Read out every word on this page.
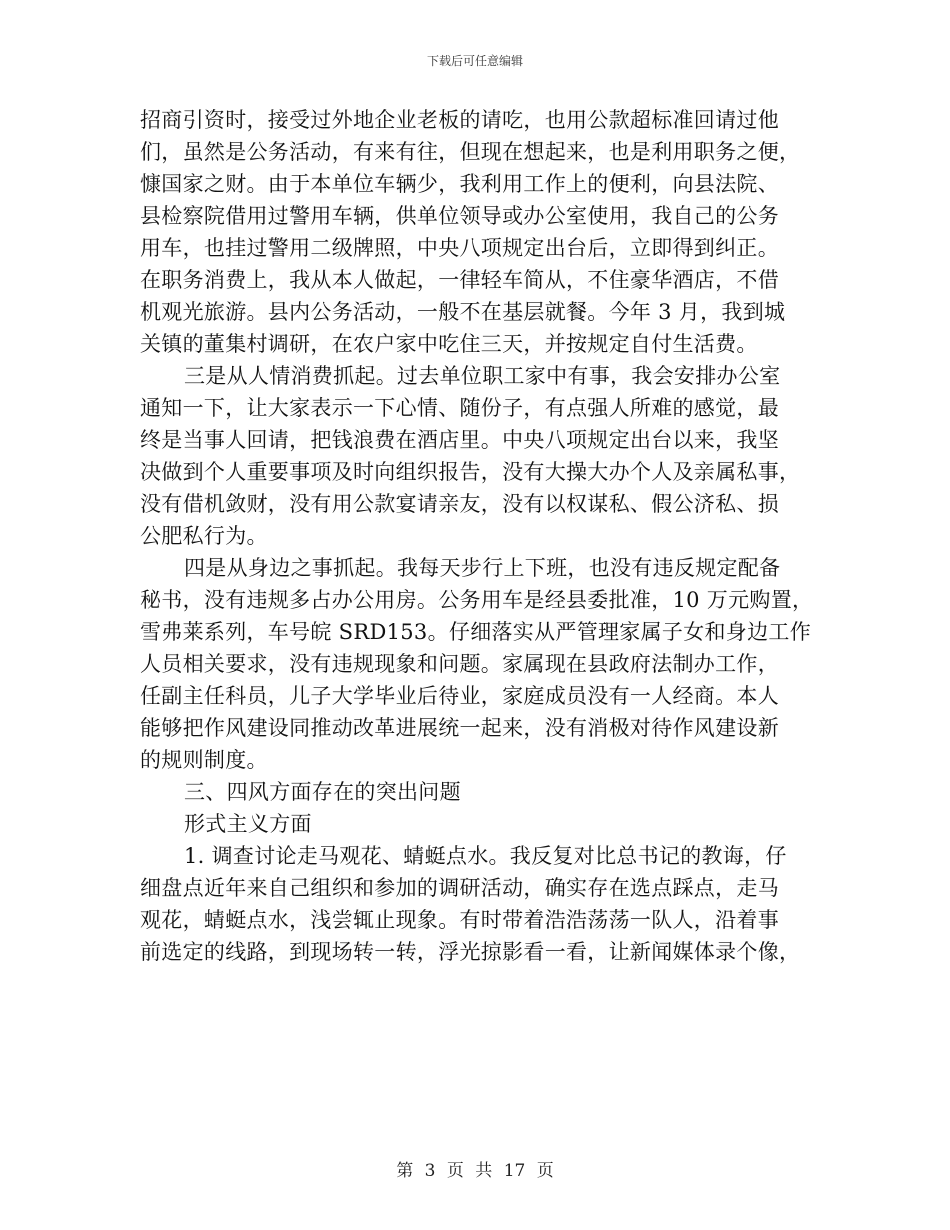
下载后可任意编辑
招商引资时，接受过外地企业老板的请吃，也用公款超标准回请过他
们，虽然是公务活动，有来有往，但现在想起来，也是利用职务之便，
慷国家之财。由于本单位车辆少，我利用工作上的便利，向县法院、
县检察院借用过警用车辆，供单位领导或办公室使用，我自己的公务
用车，也挂过警用二级牌照，中央八项规定出台后，立即得到纠正。
在职务消费上，我从本人做起，一律轻车简从，不住豪华酒店，不借
机观光旅游。县内公务活动，一般不在基层就餐。今年 3 月，我到城
关镇的董集村调研，在农户家中吃住三天，并按规定自付生活费。
三是从人情消费抓起。过去单位职工家中有事，我会安排办公室
通知一下，让大家表示一下心情、随份子，有点强人所难的感觉，最
终是当事人回请，把钱浪费在酒店里。中央八项规定出台以来，我坚
决做到个人重要事项及时向组织报告，没有大操大办个人及亲属私事，
没有借机敛财，没有用公款宴请亲友，没有以权谋私、假公济私、损
公肥私行为。
四是从身边之事抓起。我每天步行上下班，也没有违反规定配备
秘书，没有违规多占办公用房。公务用车是经县委批准，10 万元购置，
雪弗莱系列，车号皖 SRD153。仔细落实从严管理家属子女和身边工作
人员相关要求，没有违规现象和问题。家属现在县政府法制办工作，
任副主任科员，儿子大学毕业后待业，家庭成员没有一人经商。本人
能够把作风建设同推动改革进展统一起来，没有消极对待作风建设新
的规则制度。
三、四风方面存在的突出问题
形式主义方面
1. 调查讨论走马观花、蜻蜓点水。我反复对比总书记的教诲，仔
细盘点近年来自己组织和参加的调研活动，确实存在选点踩点，走马
观花，蜻蜓点水，浅尝辄止现象。有时带着浩浩荡荡一队人，沿着事
前选定的线路，到现场转一转，浮光掠影看一看，让新闻媒体录个像，
第 3 页 共 17 页
